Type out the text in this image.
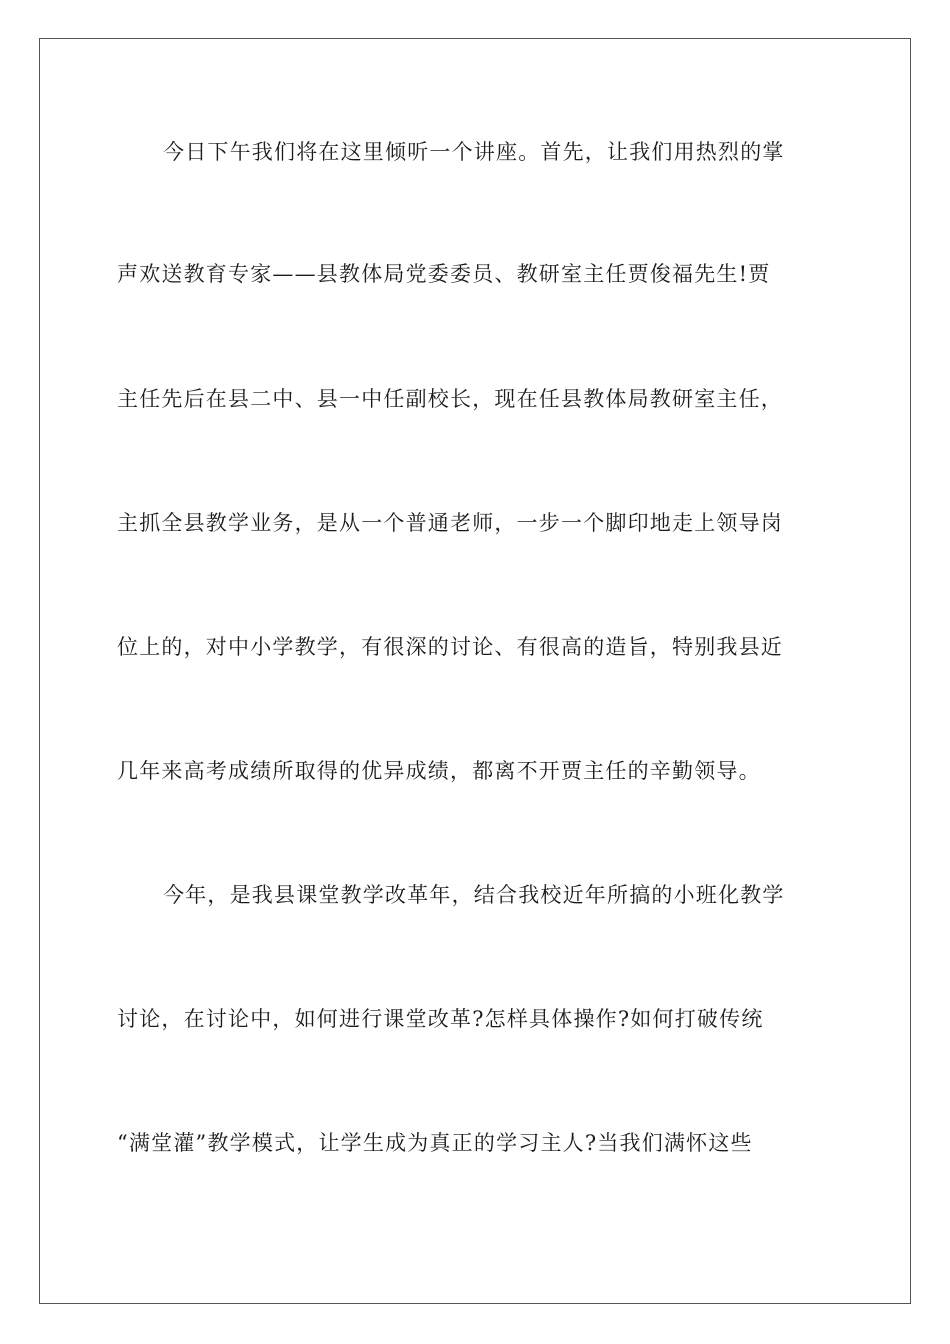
今日下午我们将在这里倾听一个讲座。首先，让我们用热烈的掌
声欢送教育专家——县教体局党委委员、教研室主任贾俊福先生!贾
主任先后在县二中、县一中任副校长，现在任县教体局教研室主任，
主抓全县教学业务，是从一个普通老师，一步一个脚印地走上领导岗
位上的，对中小学教学，有很深的讨论、有很高的造旨，特别我县近
几年来高考成绩所取得的优异成绩，都离不开贾主任的辛勤领导。
今年，是我县课堂教学改革年，结合我校近年所搞的小班化教学
讨论，在讨论中，如何进行课堂改革?怎样具体操作?如何打破传统
“满堂灌”教学模式，让学生成为真正的学习主人?当我们满怀这些
